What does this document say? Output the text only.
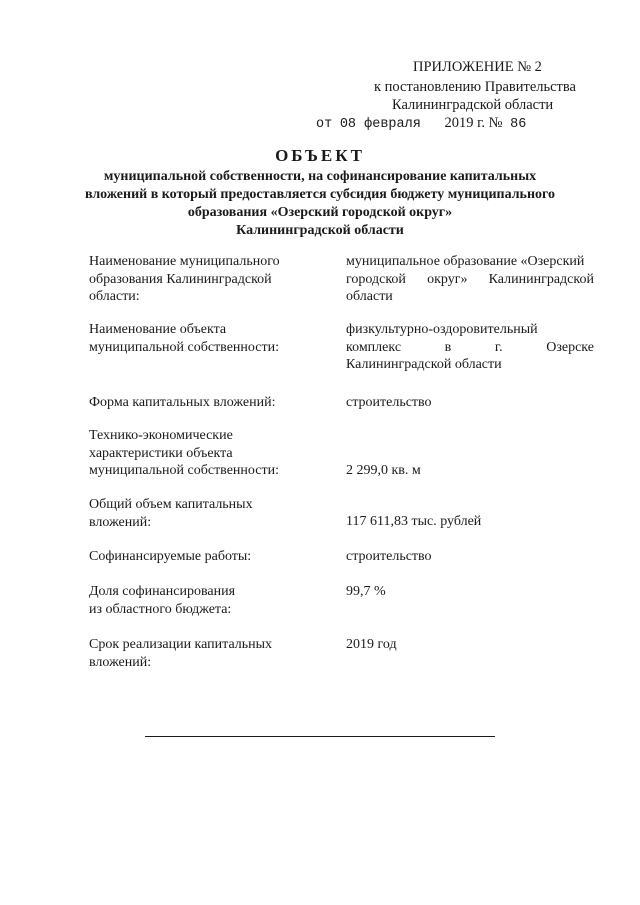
ПРИЛОЖЕНИЕ № 2
к постановлению Правительства
Калининградской области
от 08 февраля 2019 г. № 86
ОБЪЕКТ
муниципальной собственности, на софинансирование капитальных
вложений в который предоставляется субсидия бюджету муниципального
образования «Озерский городской округ»
Калининградской области
Наименование муниципального
образования Калининградской
области:
муниципальное образование «Озерский
городской округ» Калининградской
области
Наименование объекта
муниципальной собственности:
физкультурно-оздоровительный
комплекс	в	г.	Озерске
Калининградской области
Форма капитальных вложений:	строительство
Технико-экономические
характеристики объекта
муниципальной собственности:	2 299,0 кв. м
Общий объем капитальных
вложений:	117 611,83 тыс. рублей
Софинансируемые работы:	строительство
Доля софинансирования
из областного бюджета:
99,7 %
Срок реализации капитальных
вложений:
2019 год
